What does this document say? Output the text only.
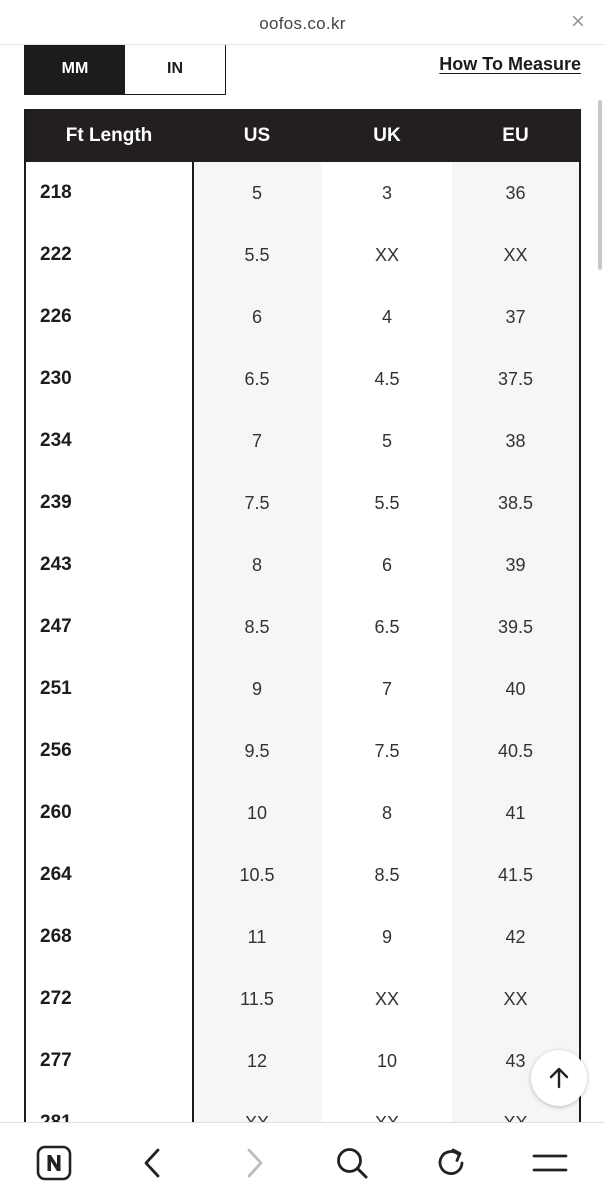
oofos.co.kr	×
MM	IN	How To Measure
Ft Length	US	UK	EU
218	5	3	36
222	5.5	XX	XX
226	6	4	37
230	6.5	4.5	37.5
234	7	5	38
239	7.5	5.5	38.5
243	8	6	39
247	8.5	6.5	39.5
251	9	7	40
256	9.5	7.5	40.5
260	10	8	41
264	10.5	8.5	41.5
268	11	9	42
272	11.5	XX	XX
277	12	10	43
